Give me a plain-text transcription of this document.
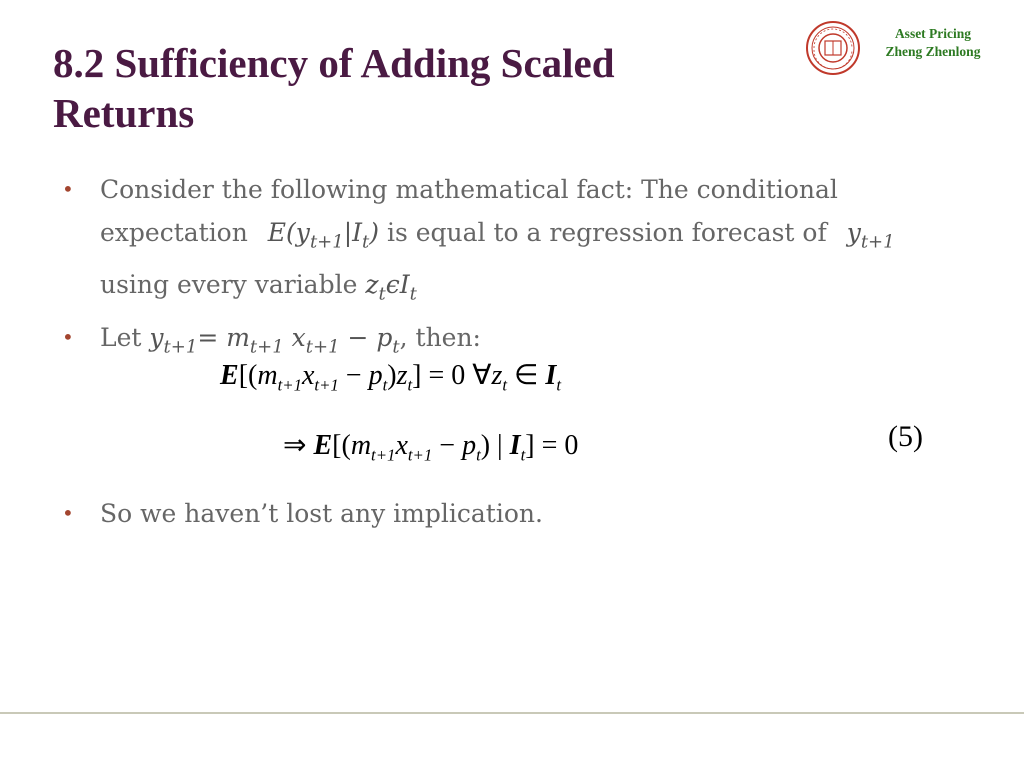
8.2 Sufficiency of Adding Scaled Returns
Asset Pricing
Zheng Zhenlong
• Consider the following mathematical fact: The conditional expectation $E(y_{t+1}|I_t)$ is equal to a regression forecast of $y_{t+1}$
using every variable $z_t\epsilon I_t$
• Let $y_{t+1}= m_{t+1}$ $x_{t+1} - p_t$, then:
$E[(m_{t+1}x_{t+1} - p_t)z_t] = 0$ $\forall z_t$ ∈ $I_t$
⇒ $E[(m_{t+1}x_{t+1} - p_t)$ | $I_t] = 0$	(5)
• So we haven’t lost any implication.
